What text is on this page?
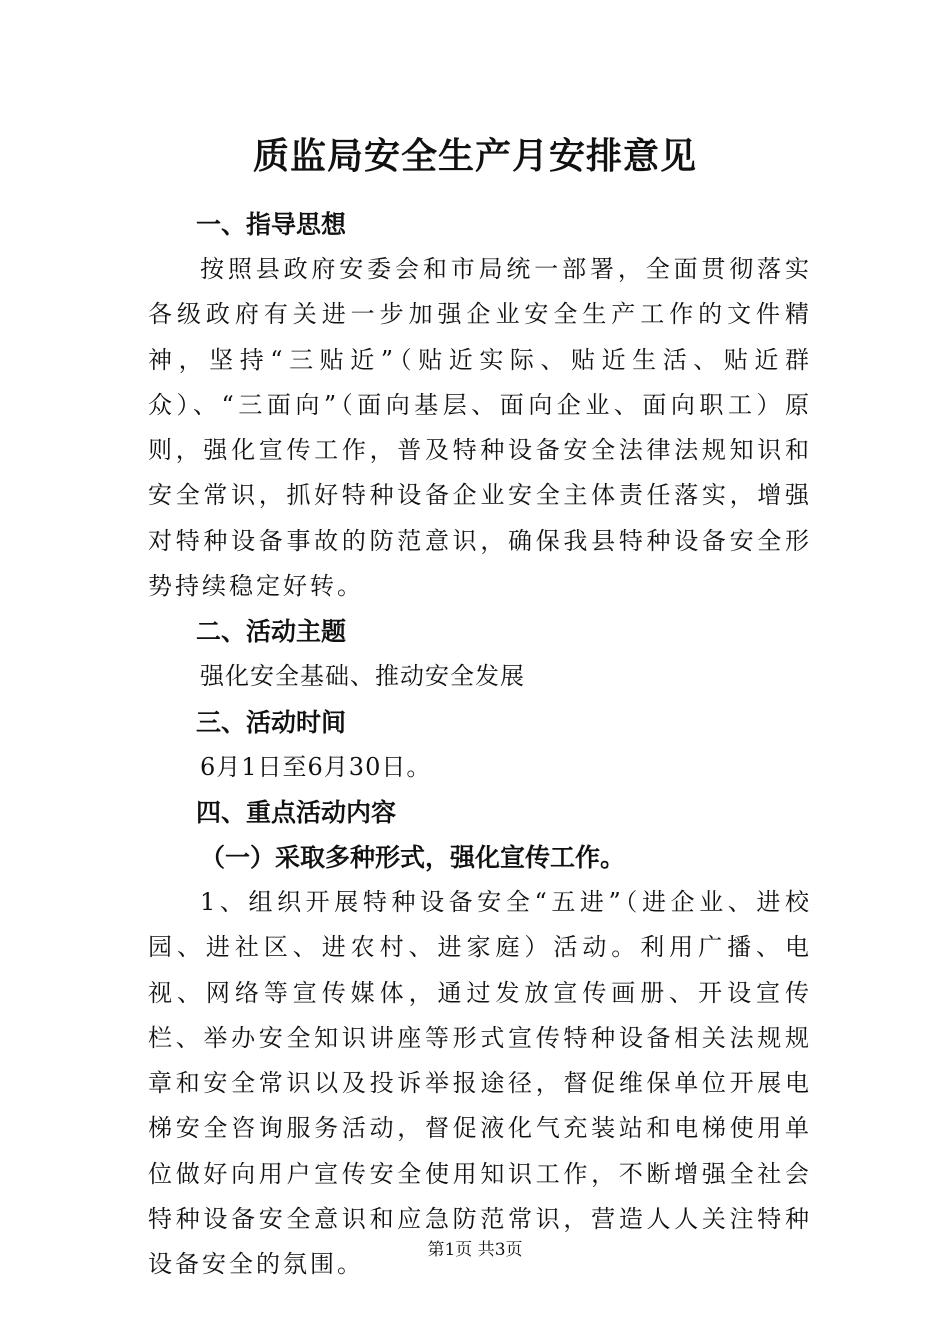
质监局安全生产月安排意见

一、指导思想

按照县政府安委会和市局统一部署，全面贯彻落实各级政府有关进一步加强企业安全生产工作的文件精神，坚持“三贴近”（贴近实际、贴近生活、贴近群众）、“三面向”（面向基层、面向企业、面向职工）原则，强化宣传工作，普及特种设备安全法律法规知识和安全常识，抓好特种设备企业安全主体责任落实，增强对特种设备事故的防范意识，确保我县特种设备安全形势持续稳定好转。

二、活动主题

强化安全基础、推动安全发展

三、活动时间

6月1日至6月30日。

四、重点活动内容

（一）采取多种形式，强化宣传工作。

1、组织开展特种设备安全“五进”（进企业、进校园、进社区、进农村、进家庭）活动。利用广播、电视、网络等宣传媒体，通过发放宣传画册、开设宣传栏、举办安全知识讲座等形式宣传特种设备相关法规规章和安全常识以及投诉举报途径，督促维保单位开展电梯安全咨询服务活动，督促液化气充装站和电梯使用单位做好向用户宣传安全使用知识工作，不断增强全社会特种设备安全意识和应急防范常识，营造人人关注特种设备安全的氛围。

第1页 共3页
